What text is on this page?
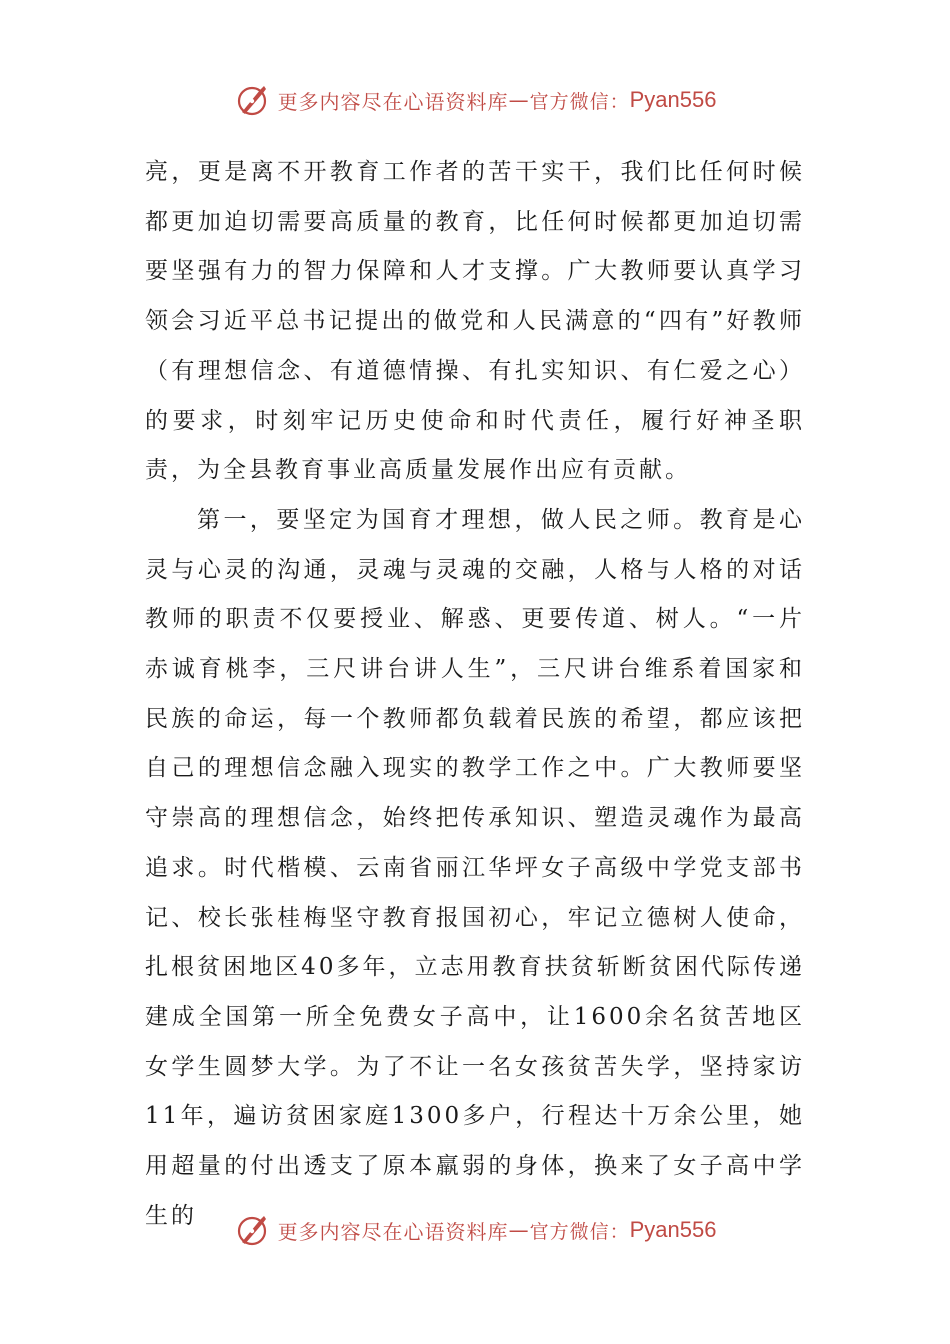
更多内容尽在心语资料库 — 官方微信： Pyan556

亮，更是离不开教育工作者的苦干实干，我们比任何时候都更加迫切需要高质量的教育，比任何时候都更加迫切需要坚强有力的智力保障和人才支撑。广大教师要认真学习领会习近平总书记提出的做党和人民满意的“四有”好教师（有理想信念、有道德情操、有扎实知识、有仁爱之心）的要求，时刻牢记历史使命和时代责任，履行好神圣职责，为全县教育事业高质量发展作出应有贡献。

第一，要坚定为国育才理想，做人民之师。教育是心灵与心灵的沟通，灵魂与灵魂的交融，人格与人格的对话教师的职责不仅要授业、解惑、更要传道、树人。“一片赤诚育桃李，三尺讲台讲人生”，三尺讲台维系着国家和民族的命运，每一个教师都负载着民族的希望，都应该把自己的理想信念融入现实的教学工作之中。广大教师要坚守崇高的理想信念，始终把传承知识、塑造灵魂作为最高追求。时代楷模、云南省丽江华坪女子高级中学党支部书记、校长张桂梅坚守教育报国初心，牢记立德树人使命，扎根贫困地区40多年，立志用教育扶贫斩断贫困代际传递建成全国第一所全免费女子高中，让1600余名贫苦地区女学生圆梦大学。为了不让一名女孩贫苦失学，坚持家访11年，遍访贫困家庭1300多户，行程达十万余公里，她用超量的付出透支了原本羸弱的身体，换来了女子高中学生的

更多内容尽在心语资料库 — 官方微信： Pyan556
